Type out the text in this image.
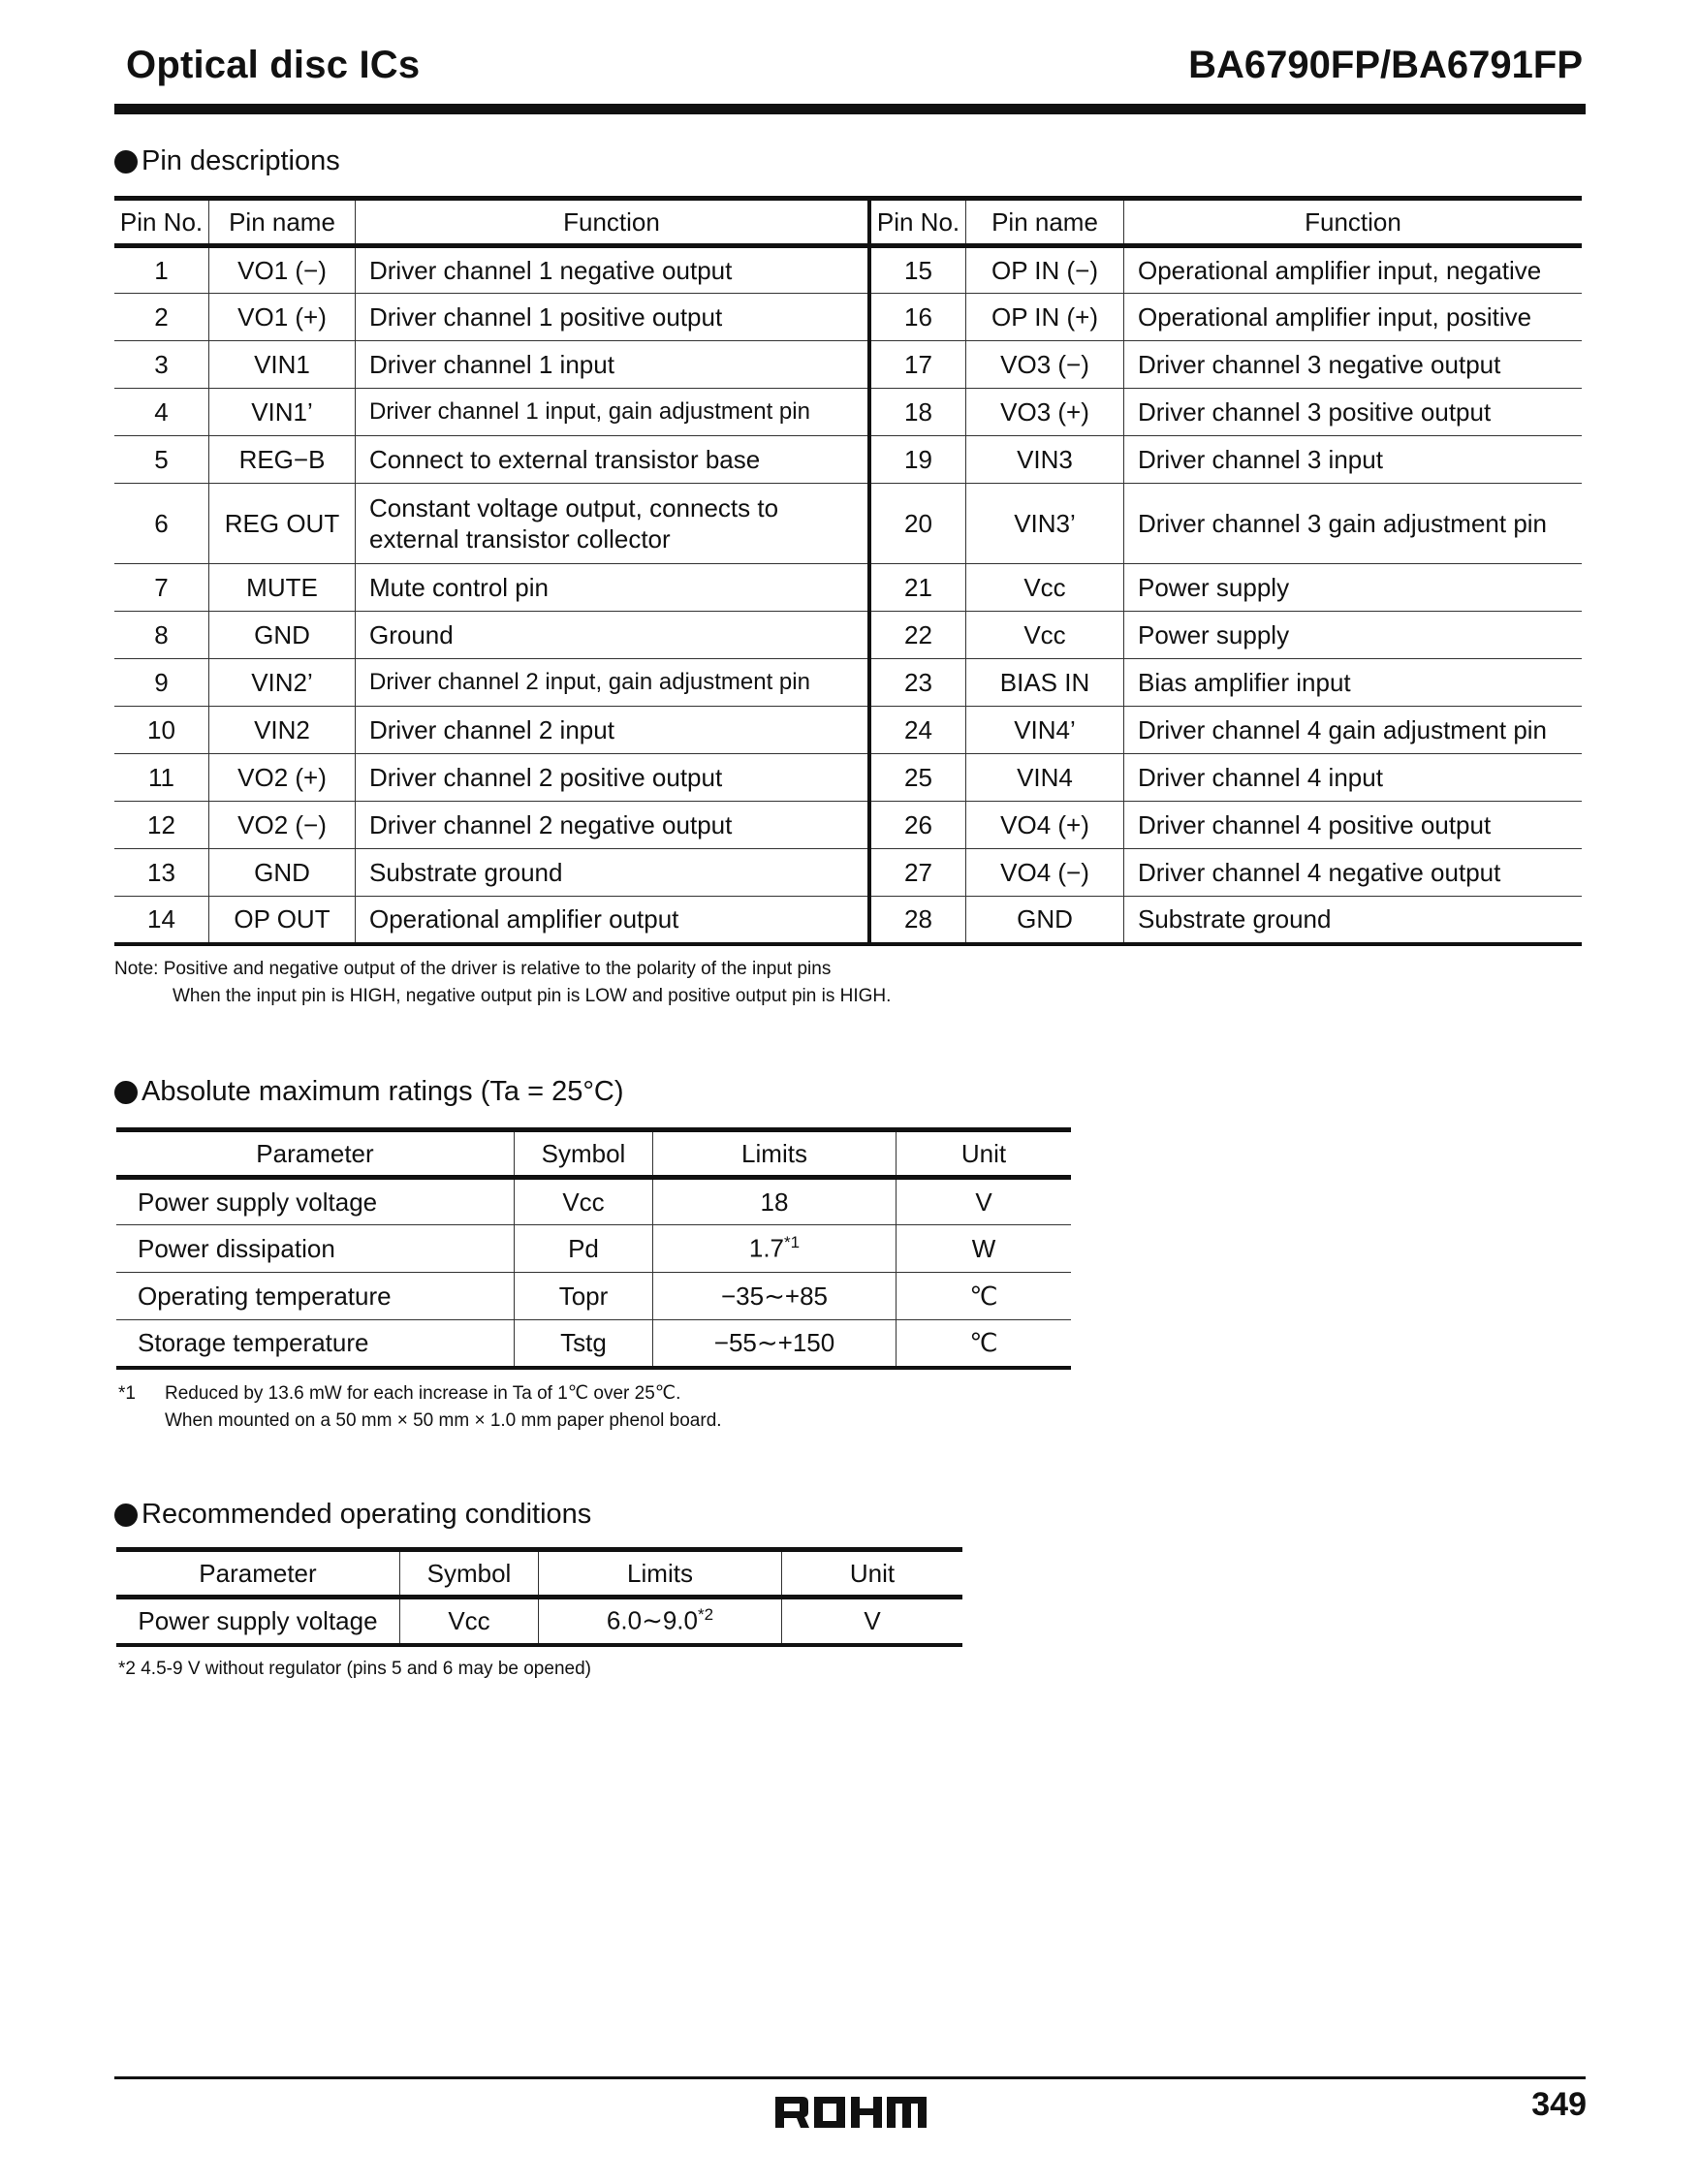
Optical disc ICs	BA6790FP/BA6791FP
Pin descriptions
Pin No.	Pin name	Function	Pin No.	Pin name	Function
1	VO1 (−)	Driver channel 1 negative output	15	OP IN (−)	Operational amplifier input, negative
2	VO1 (+)	Driver channel 1 positive output	16	OP IN (+)	Operational amplifier input, positive
3	VIN1	Driver channel 1 input	17	VO3 (−)	Driver channel 3 negative output
4	VIN1’	Driver channel 1 input, gain adjustment pin	18	VO3 (+)	Driver channel 3 positive output
5	REG−B	Connect to external transistor base	19	VIN3	Driver channel 3 input
6	REG OUT	Constant voltage output, connects to external transistor collector	20	VIN3’	Driver channel 3 gain adjustment pin
7	MUTE	Mute control pin	21	Vcc	Power supply
8	GND	Ground	22	Vcc	Power supply
9	VIN2’	Driver channel 2 input, gain adjustment pin	23	BIAS IN	Bias amplifier input
10	VIN2	Driver channel 2 input	24	VIN4’	Driver channel 4 gain adjustment pin
11	VO2 (+)	Driver channel 2 positive output	25	VIN4	Driver channel 4 input
12	VO2 (−)	Driver channel 2 negative output	26	VO4 (+)	Driver channel 4 positive output
13	GND	Substrate ground	27	VO4 (−)	Driver channel 4 negative output
14	OP OUT	Operational amplifier output	28	GND	Substrate ground
Note: Positive and negative output of the driver is relative to the polarity of the input pins
When the input pin is HIGH, negative output pin is LOW and positive output pin is HIGH.
Absolute maximum ratings (Ta = 25°C)
Parameter	Symbol	Limits	Unit
Power supply voltage	Vcc	18	V
Power dissipation	Pd	1.7$^{*1}$	W
Operating temperature	Topr	−35∼+85	℃
Storage temperature	Tstg	−55∼+150	℃
*1	Reduced by 13.6 mW for each increase in Ta of 1℃ over 25℃.
When mounted on a 50 mm × 50 mm × 1.0 mm paper phenol board.
Recommended operating conditions
Parameter	Symbol	Limits	Unit
Power supply voltage	Vcc	6.0∼9.0$^{*2}$	V
*2 4.5-9 V without regulator (pins 5 and 6 may be opened)
349
